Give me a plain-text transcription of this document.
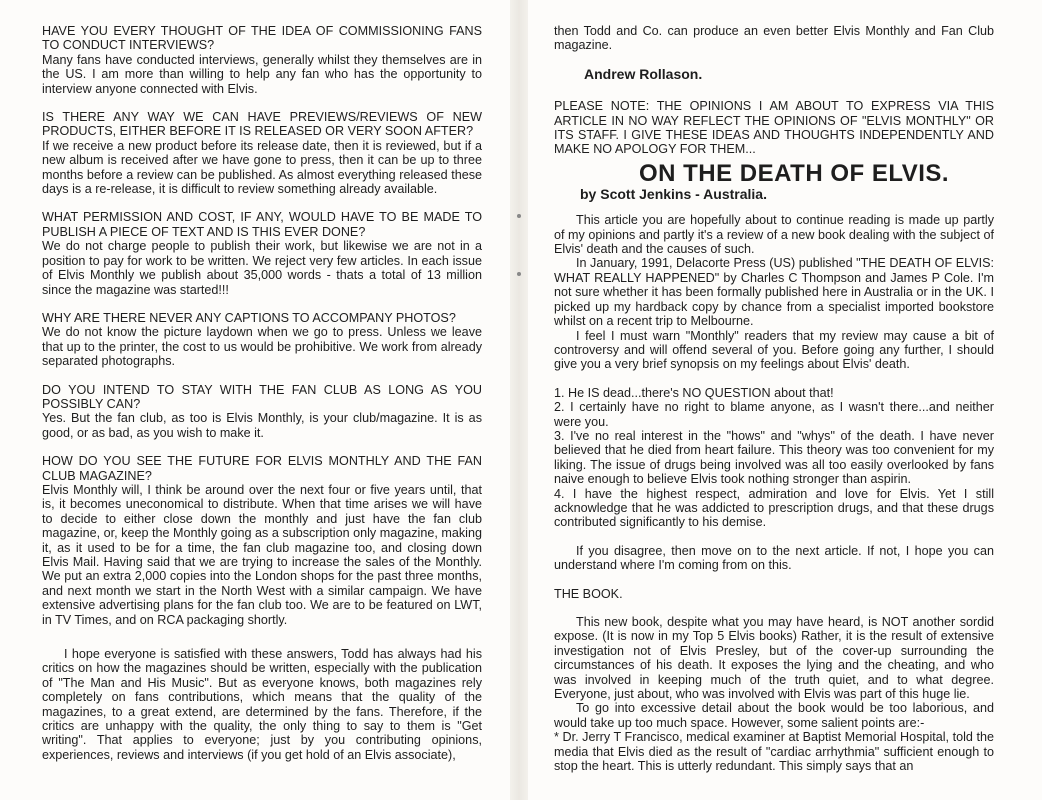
HAVE YOU EVERY THOUGHT OF THE IDEA OF COMMISSIONING FANS TO CONDUCT INTERVIEWS?

Many fans have conducted interviews, generally whilst they themselves are in the US. I am more than willing to help any fan who has the opportunity to interview anyone connected with Elvis.

IS THERE ANY WAY WE CAN HAVE PREVIEWS/REVIEWS OF NEW PRODUCTS, EITHER BEFORE IT IS RELEASED OR VERY SOON AFTER?

If we receive a new product before its release date, then it is reviewed, but if a new album is received after we have gone to press, then it can be up to three months before a review can be published. As almost everything released these days is a re-release, it is difficult to review something already available.

WHAT PERMISSION AND COST, IF ANY, WOULD HAVE TO BE MADE TO PUBLISH A PIECE OF TEXT AND IS THIS EVER DONE?

We do not charge people to publish their work, but likewise we are not in a position to pay for work to be written. We reject very few articles. In each issue of Elvis Monthly we publish about 35,000 words - thats a total of 13 million since the magazine was started!!!

WHY ARE THERE NEVER ANY CAPTIONS TO ACCOMPANY PHOTOS?

We do not know the picture laydown when we go to press. Unless we leave that up to the printer, the cost to us would be prohibitive. We work from already separated photographs.

DO YOU INTEND TO STAY WITH THE FAN CLUB AS LONG AS YOU POSSIBLY CAN?

Yes. But the fan club, as too is Elvis Monthly, is your club/magazine. It is as good, or as bad, as you wish to make it.

HOW DO YOU SEE THE FUTURE FOR ELVIS MONTHLY AND THE FAN CLUB MAGAZINE?

Elvis Monthly will, I think be around over the next four or five years until, that is, it becomes uneconomical to distribute. When that time arises we will have to decide to either close down the monthly and just have the fan club magazine, or, keep the Monthly going as a subscription only magazine, making it, as it used to be for a time, the fan club magazine too, and closing down Elvis Mail. Having said that we are trying to increase the sales of the Monthly. We put an extra 2,000 copies into the London shops for the past three months, and next month we start in the North West with a similar campaign. We have extensive advertising plans for the fan club too. We are to be featured on LWT, in TV Times, and on RCA packaging shortly.

I hope everyone is satisfied with these answers, Todd has always had his critics on how the magazines should be written, especially with the publication of "The Man and His Music". But as everyone knows, both magazines rely completely on fans contributions, which means that the quality of the magazines, to a great extend, are determined by the fans. Therefore, if the critics are unhappy with the quality, the only thing to say to them is "Get writing". That applies to everyone; just by you contributing opinions, experiences, reviews and interviews (if you get hold of an Elvis associate),

then Todd and Co. can produce an even better Elvis Monthly and Fan Club magazine.

Andrew Rollason.

PLEASE NOTE: THE OPINIONS I AM ABOUT TO EXPRESS VIA THIS ARTICLE IN NO WAY REFLECT THE OPINIONS OF "ELVIS MONTHLY" OR ITS STAFF. I GIVE THESE IDEAS AND THOUGHTS INDEPENDENTLY AND MAKE NO APOLOGY FOR THEM...

ON THE DEATH OF ELVIS.

by Scott Jenkins - Australia.

This article you are hopefully about to continue reading is made up partly of my opinions and partly it's a review of a new book dealing with the subject of Elvis' death and the causes of such.

In January, 1991, Delacorte Press (US) published "THE DEATH OF ELVIS: WHAT REALLY HAPPENED" by Charles C Thompson and James P Cole. I'm not sure whether it has been formally published here in Australia or in the UK. I picked up my hardback copy by chance from a specialist imported bookstore whilst on a recent trip to Melbourne.

I feel I must warn "Monthly" readers that my review may cause a bit of controversy and will offend several of you. Before going any further, I should give you a very brief synopsis on my feelings about Elvis' death.

1. He IS dead...there's NO QUESTION about that!

2. I certainly have no right to blame anyone, as I wasn't there...and neither were you.

3. I've no real interest in the "hows" and "whys" of the death. I have never believed that he died from heart failure. This theory was too convenient for my liking. The issue of drugs being involved was all too easily overlooked by fans naive enough to believe Elvis took nothing stronger than aspirin.

4. I have the highest respect, admiration and love for Elvis. Yet I still acknowledge that he was addicted to prescription drugs, and that these drugs contributed significantly to his demise.

If you disagree, then move on to the next article. If not, I hope you can understand where I'm coming from on this.

THE BOOK.

This new book, despite what you may have heard, is NOT another sordid expose. (It is now in my Top 5 Elvis books) Rather, it is the result of extensive investigation not of Elvis Presley, but of the cover-up surrounding the circumstances of his death. It exposes the lying and the cheating, and who was involved in keeping much of the truth quiet, and to what degree. Everyone, just about, who was involved with Elvis was part of this huge lie.

To go into excessive detail about the book would be too laborious, and would take up too much space. However, some salient points are:-

* Dr. Jerry T Francisco, medical examiner at Baptist Memorial Hospital, told the media that Elvis died as the result of "cardiac arrhythmia" sufficient enough to stop the heart. This is utterly redundant. This simply says that an
